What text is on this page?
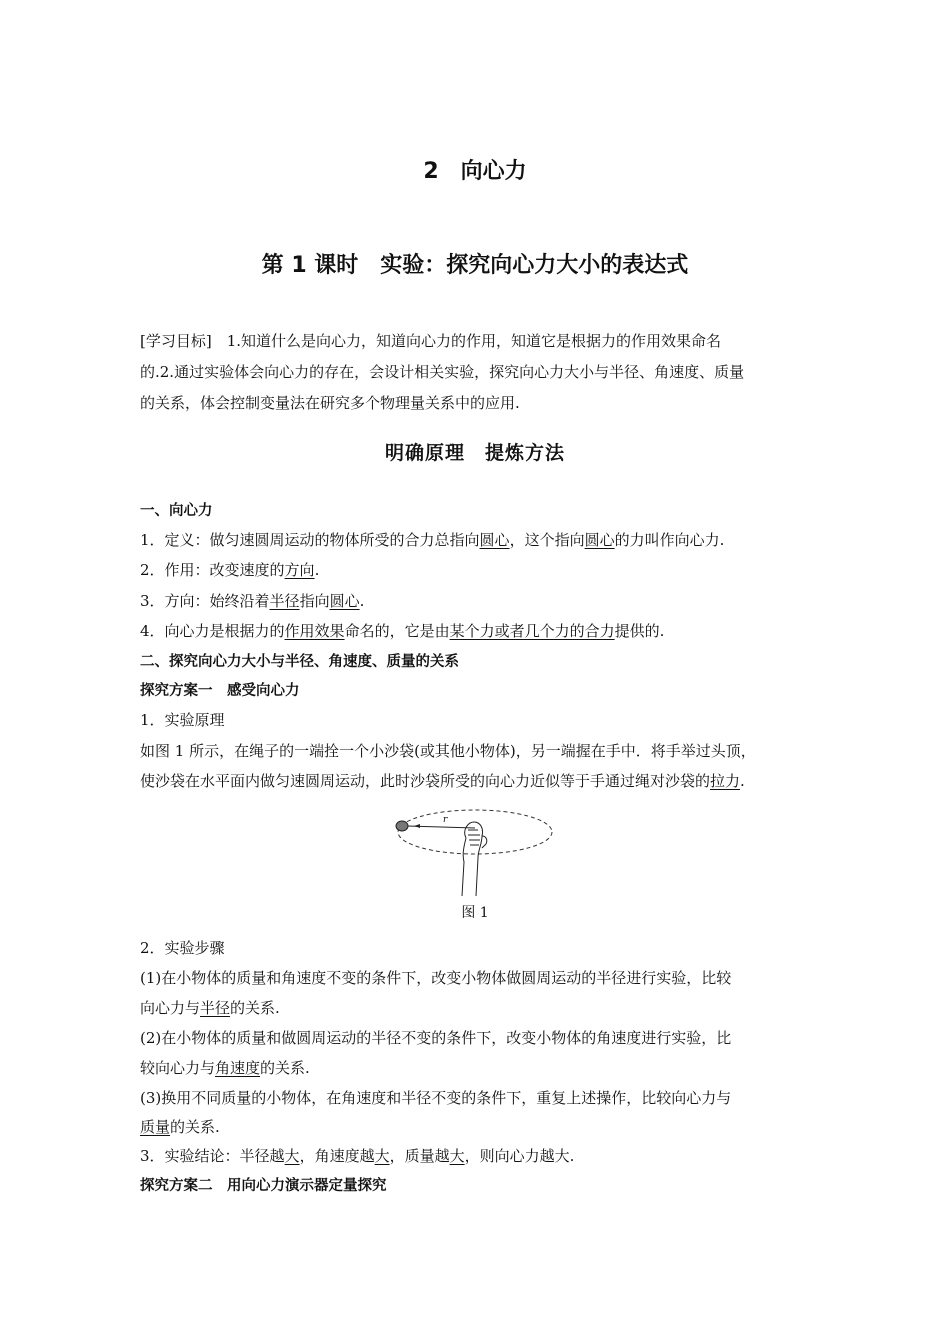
2　向心力
第 1 课时　实验：探究向心力大小的表达式
[学习目标]　1.知道什么是向心力，知道向心力的作用，知道它是根据力的作用效果命名
的.2.通过实验体会向心力的存在，会设计相关实验，探究向心力大小与半径、角速度、质量
的关系，体会控制变量法在研究多个物理量关系中的应用.
明确原理　提炼方法
一、向心力
1．定义：做匀速圆周运动的物体所受的合力总指向圆心，这个指向圆心的力叫作向心力.
2．作用：改变速度的方向.
3．方向：始终沿着半径指向圆心.
4．向心力是根据力的作用效果命名的，它是由某个力或者几个力的合力提供的.
二、探究向心力大小与半径、角速度、质量的关系
探究方案一　感受向心力
1．实验原理
如图 1 所示，在绳子的一端拴一个小沙袋(或其他小物体)，另一端握在手中．将手举过头顶，
使沙袋在水平面内做匀速圆周运动，此时沙袋所受的向心力近似等于手通过绳对沙袋的拉力.
r
图 1
2．实验步骤
(1)在小物体的质量和角速度不变的条件下，改变小物体做圆周运动的半径进行实验，比较
向心力与半径的关系.
(2)在小物体的质量和做圆周运动的半径不变的条件下，改变小物体的角速度进行实验，比
较向心力与角速度的关系.
(3)换用不同质量的小物体，在角速度和半径不变的条件下，重复上述操作，比较向心力与
质量的关系.
3．实验结论：半径越大，角速度越大，质量越大，则向心力越大.
探究方案二　用向心力演示器定量探究
